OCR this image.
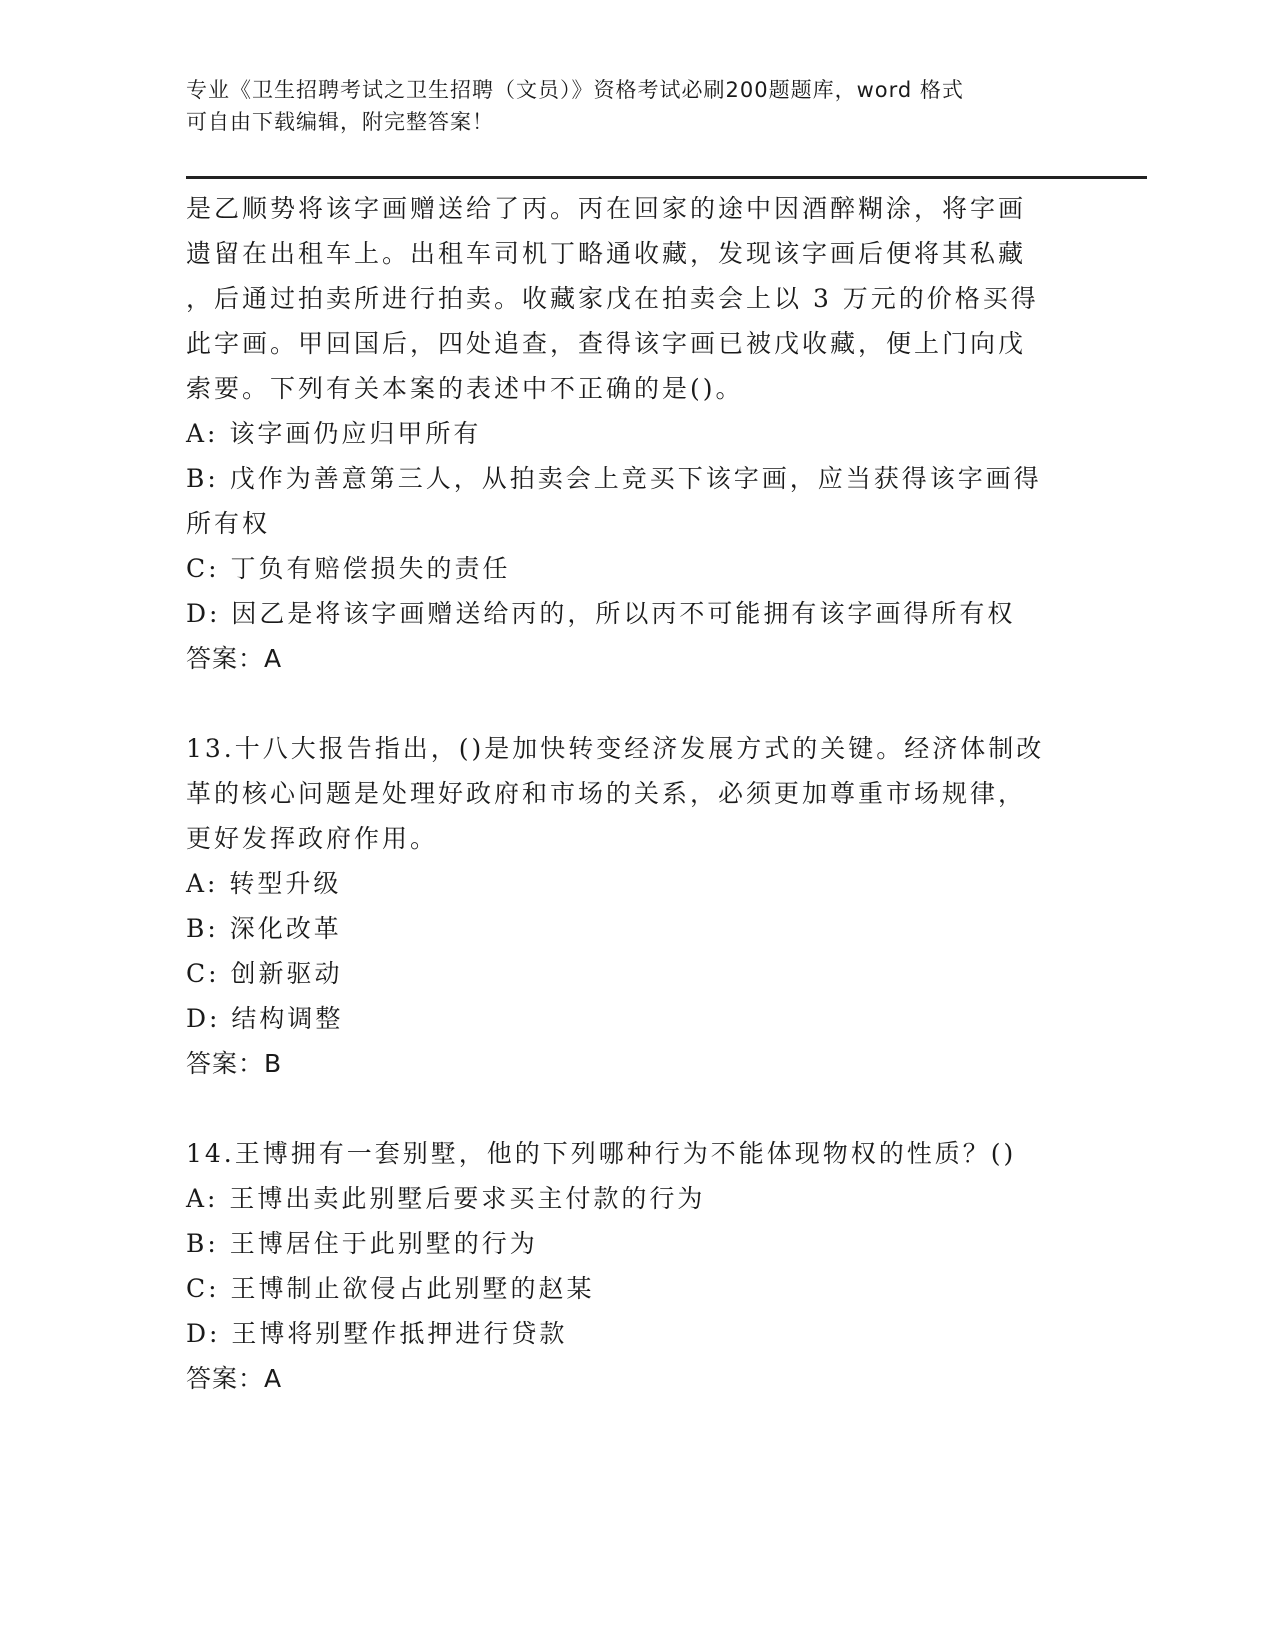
专业《卫生招聘考试之卫生招聘（文员）》资格考试必刷200题题库，word 格式
可自由下载编辑，附完整答案！
是乙顺势将该字画赠送给了丙。丙在回家的途中因酒醉糊涂，将字画
遗留在出租车上。出租车司机丁略通收藏，发现该字画后便将其私藏
，后通过拍卖所进行拍卖。收藏家戊在拍卖会上以 3 万元的价格买得
此字画。甲回国后，四处追查，查得该字画已被戊收藏，便上门向戊
索要。下列有关本案的表述中不正确的是()。
A: 该字画仍应归甲所有
B: 戊作为善意第三人，从拍卖会上竞买下该字画，应当获得该字画得
所有权
C: 丁负有赔偿损失的责任
D: 因乙是将该字画赠送给丙的，所以丙不可能拥有该字画得所有权
答案：A
13.十八大报告指出，()是加快转变经济发展方式的关键。经济体制改
革的核心问题是处理好政府和市场的关系，必须更加尊重市场规律，
更好发挥政府作用。
A: 转型升级
B: 深化改革
C: 创新驱动
D: 结构调整
答案：B
14.王博拥有一套别墅，他的下列哪种行为不能体现物权的性质？()
A: 王博出卖此别墅后要求买主付款的行为
B: 王博居住于此别墅的行为
C: 王博制止欲侵占此别墅的赵某
D: 王博将别墅作抵押进行贷款
答案：A
